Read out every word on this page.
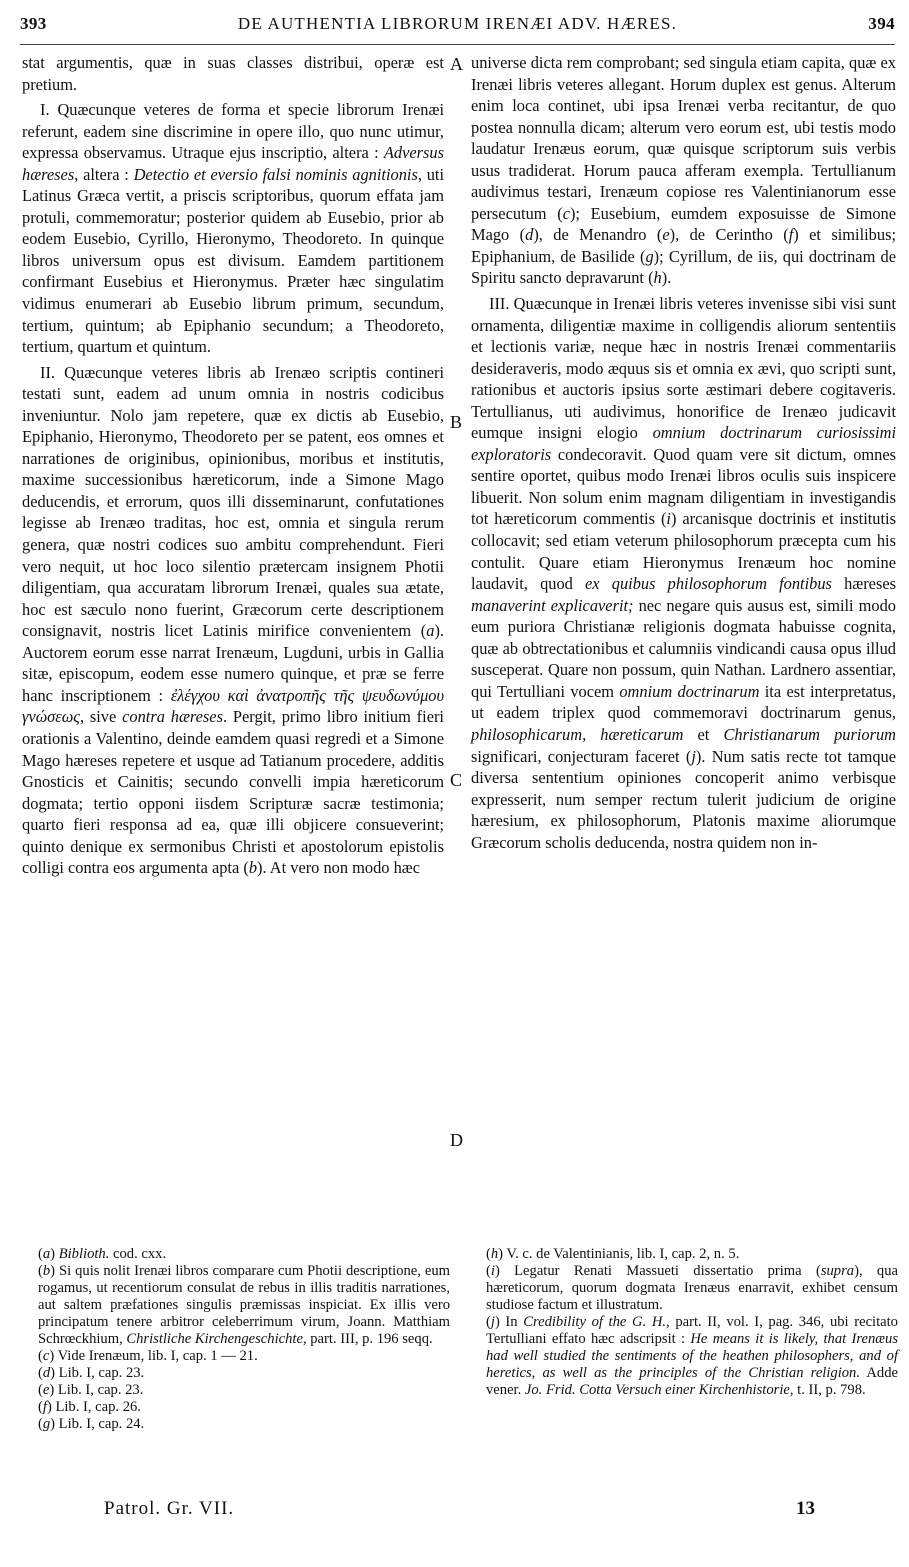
393	DE AUTHENTIA LIBRORUM IRENÆI ADV. HÆRES.	394

stat argumentis, quæ in suas classes distribui, operæ est pretium.

I. Quæcunque veteres de forma et specie librorum Irenæi referunt, eadem sine discrimine in opere illo, quo nunc utimur, expressa observamus. Utraque ejus inscriptio, altera : Adversus hæreses, altera : Detectio et eversio falsi nominis agnitionis, uti Latinus Græca vertit, a priscis scriptoribus, quorum effata jam protuli, commemoratur; posterior quidem ab Eusebio, prior ab eodem Eusebio, Cyrillo, Hieronymo, Theodoreto. In quinque libros universum opus est divisum. Eamdem partitionem confirmant Eusebius et Hieronymus. Præter hæc singulatim vidimus enumerari ab Eusebio librum primum, secundum, tertium, quintum; ab Epiphanio secundum; a Theodoreto, tertium, quartum et quintum.

II. Quæcunque veteres libris ab Irenæo scriptis contineri testati sunt, eadem ad unum omnia in nostris codicibus inveniuntur. Nolo jam repetere, quæ ex dictis ab Eusebio, Epiphanio, Hieronymo, Theodoreto per se patent, eos omnes et narrationes de originibus, opinionibus, moribus et institutis, maxime successionibus hæreticorum, inde a Simone Mago deducendis, et errorum, quos illi disseminarunt, confutationes legisse ab Irenæo traditas, hoc est, omnia et singula rerum genera, quæ nostri codices suo ambitu comprehendunt. Fieri vero nequit, ut hoc loco silentio prætercam insignem Photii diligentiam, qua accuratam librorum Irenæi, quales sua ætate, hoc est sæculo nono fuerint, Græcorum certe descriptionem consignavit, nostris licet Latinis mirifice convenientem (a). Auctorem eorum esse narrat Irenæum, Lugduni, urbis in Gallia sitæ, episcopum, eodem esse numero quinque, et præ se ferre hanc inscriptionem : ἐλέγχου καὶ ἀνατροπῆς τῆς ψευδωνύμου γνώσεως, sive contra hæreses. Pergit, primo libro initium fieri orationis a Valentino, deinde eamdem quasi regredi et a Simone Mago hæreses repetere et usque ad Tatianum procedere, additis Gnosticis et Cainitis; secundo convelli impia hæreticorum dogmata; tertio opponi iisdem Scripturæ sacræ testimonia; quarto fieri responsa ad ea, quæ illi objicere consueverint; quinto denique ex sermonibus Christi et apostolorum epistolis colligi contra eos argumenta apta (b). At vero non modo hæc

A
B
C
D

universe dicta rem comprobant; sed singula etiam capita, quæ ex Irenæi libris veteres allegant. Horum duplex est genus. Alterum enim loca continet, ubi ipsa Irenæi verba recitantur, de quo postea nonnulla dicam; alterum vero eorum est, ubi testis modo laudatur Irenæus eorum, quæ quisque scriptorum suis verbis usus tradiderat. Horum pauca afferam exempla. Tertullianum audivimus testari, Irenæum copiose res Valentinianorum esse persecutum (c); Eusebium, eumdem exposuisse de Simone Mago (d), de Menandro (e), de Cerintho (f) et similibus; Epiphanium, de Basilide (g); Cyrillum, de iis, qui doctrinam de Spiritu sancto depravarunt (h).

III. Quæcunque in Irenæi libris veteres invenisse sibi visi sunt ornamenta, diligentiæ maxime in colligendis aliorum sententiis et lectionis variæ, neque hæc in nostris Irenæi commentariis desideraveris, modo æquus sis et omnia ex ævi, quo scripti sunt, rationibus et auctoris ipsius sorte æstimari debere cogitaveris. Tertullianus, uti audivimus, honorifice de Irenæo judicavit eumque insigni elogio omnium doctrinarum curiosissimi exploratoris condecoravit. Quod quam vere sit dictum, omnes sentire oportet, quibus modo Irenæi libros oculis suis inspicere libuerit. Non solum enim magnam diligentiam in investigandis tot hæreticorum commentis (i) arcanisque doctrinis et institutis collocavit; sed etiam veterum philosophorum præcepta cum his contulit. Quare etiam Hieronymus Irenæum hoc nomine laudavit, quod ex quibus philosophorum fontibus hæreses manaverint explicaverit; nec negare quis ausus est, simili modo eum puriora Christianæ religionis dogmata habuisse cognita, quæ ab obtrectationibus et calumniis vindicandi causa opus illud susceperat. Quare non possum, quin Nathan. Lardnero assentiar, qui Tertulliani vocem omnium doctrinarum ita est interpretatus, ut eadem triplex quod commemoravi doctrinarum genus, philosophicarum, hæreticarum et Christianarum puriorum significari, conjecturam faceret (j). Num satis recte tot tamque diversa sententium opiniones concoperit animo verbisque expresserit, num semper rectum tulerit judicium de origine hæresium, ex philosophorum, Platonis maxime aliorumque Græcorum scholis deducenda, nostra quidem non in-

(a) Biblioth. cod. cxx.

(b) Si quis nolit Irenæi libros comparare cum Photii descriptione, eum rogamus, ut recentiorum consulat de rebus in illis traditis narrationes, aut saltem præfationes singulis præmissas inspiciat. Ex illis vero principatum tenere arbitror celeberrimum virum, Joann. Matthiam Schrœckhium, Christliche Kirchengeschichte, part. III, p. 196 seqq.

(c) Vide Irenæum, lib. I, cap. 1 — 21.

(d) Lib. I, cap. 23.

(e) Lib. I, cap. 23.

(f) Lib. I, cap. 26.

(g) Lib. I, cap. 24.

(h) V. c. de Valentinianis, lib. I, cap. 2, n. 5.

(i) Legatur Renati Massueti dissertatio prima (supra), qua hæreticorum, quorum dogmata Irenæus enarravit, exhibet censum studiose factum et illustratum.

(j) In Credibility of the G. H., part. II, vol. I, pag. 346, ubi recitato Tertulliani effato hæc adscripsit : He means it is likely, that Irenæus had well studied the sentiments of the heathen philosophers, and of heretics, as well as the principles of the Christian religion. Adde vener. Jo. Frid. Cotta Versuch einer Kirchenhistorie, t. II, p. 798.

Patrol. Gr. VII.	13
